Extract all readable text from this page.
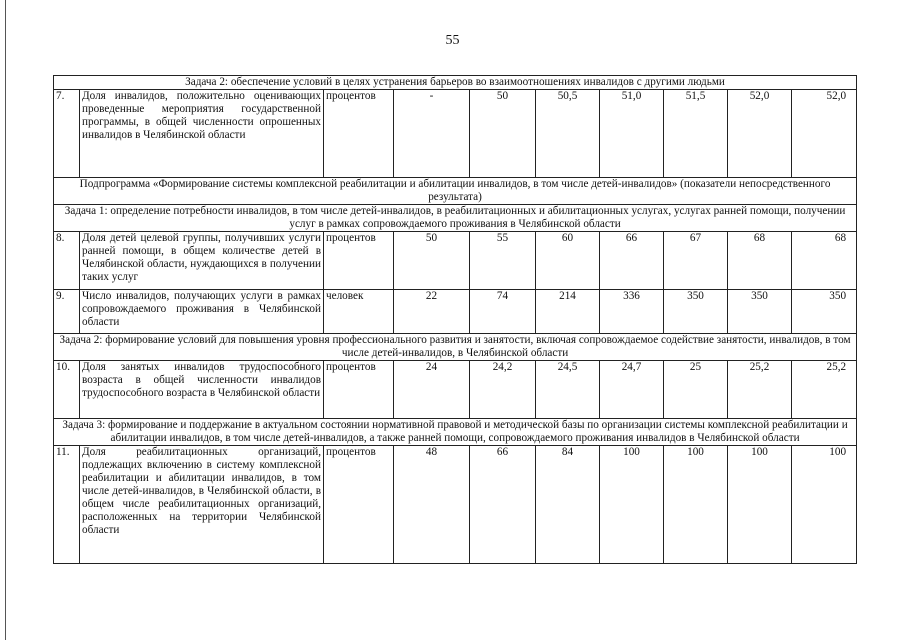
55
Задача 2: обеспечение условий в целях устранения барьеров во взаимоотношениях инвалидов с другими людьми									
7.	Доля инвалидов, положительно оценивающих проведенные мероприятия государственной программы, в общей численности опрошенных инвалидов в Челябинской области	процентов	-	50	50,5	51,0	51,5	52,0	52,0
Подпрограмма «Формирование системы комплексной реабилитации и абилитации инвалидов, в том числе детей-инвалидов» (показатели непосредственного результата)									
Задача 1: определение потребности инвалидов, в том числе детей-инвалидов, в реабилитационных и абилитационных услугах, услугах ранней помощи, получении услуг в рамках сопровождаемого проживания в Челябинской области									
8.	Доля детей целевой группы, получивших услуги ранней помощи, в общем количестве детей в Челябинской области, нуждающихся в получении таких услуг	процентов	50	55	60	66	67	68	68
9.	Число инвалидов, получающих услуги в рамках сопровождаемого проживания в Челябинской области	человек	22	74	214	336	350	350	350
Задача 2: формирование условий для повышения уровня профессионального развития и занятости, включая сопровождаемое содействие занятости, инвалидов, в том числе детей-инвалидов, в Челябинской области									
10.	Доля занятых инвалидов трудоспособного возраста в общей численности инвалидов трудоспособного возраста в Челябинской области	процентов	24	24,2	24,5	24,7	25	25,2	25,2
Задача 3: формирование и поддержание в актуальном состоянии нормативной правовой и методической базы по организации системы комплексной реабилитации и абилитации инвалидов, в том числе детей-инвалидов, а также ранней помощи, сопровождаемого проживания инвалидов в Челябинской области									
11.	Доля реабилитационных организаций, подлежащих включению в систему комплексной реабилитации и абилитации инвалидов, в том числе детей-инвалидов, в Челябинской области, в общем числе реабилитационных организаций, расположенных на территории Челябинской области	процентов	48	66	84	100	100	100	100
